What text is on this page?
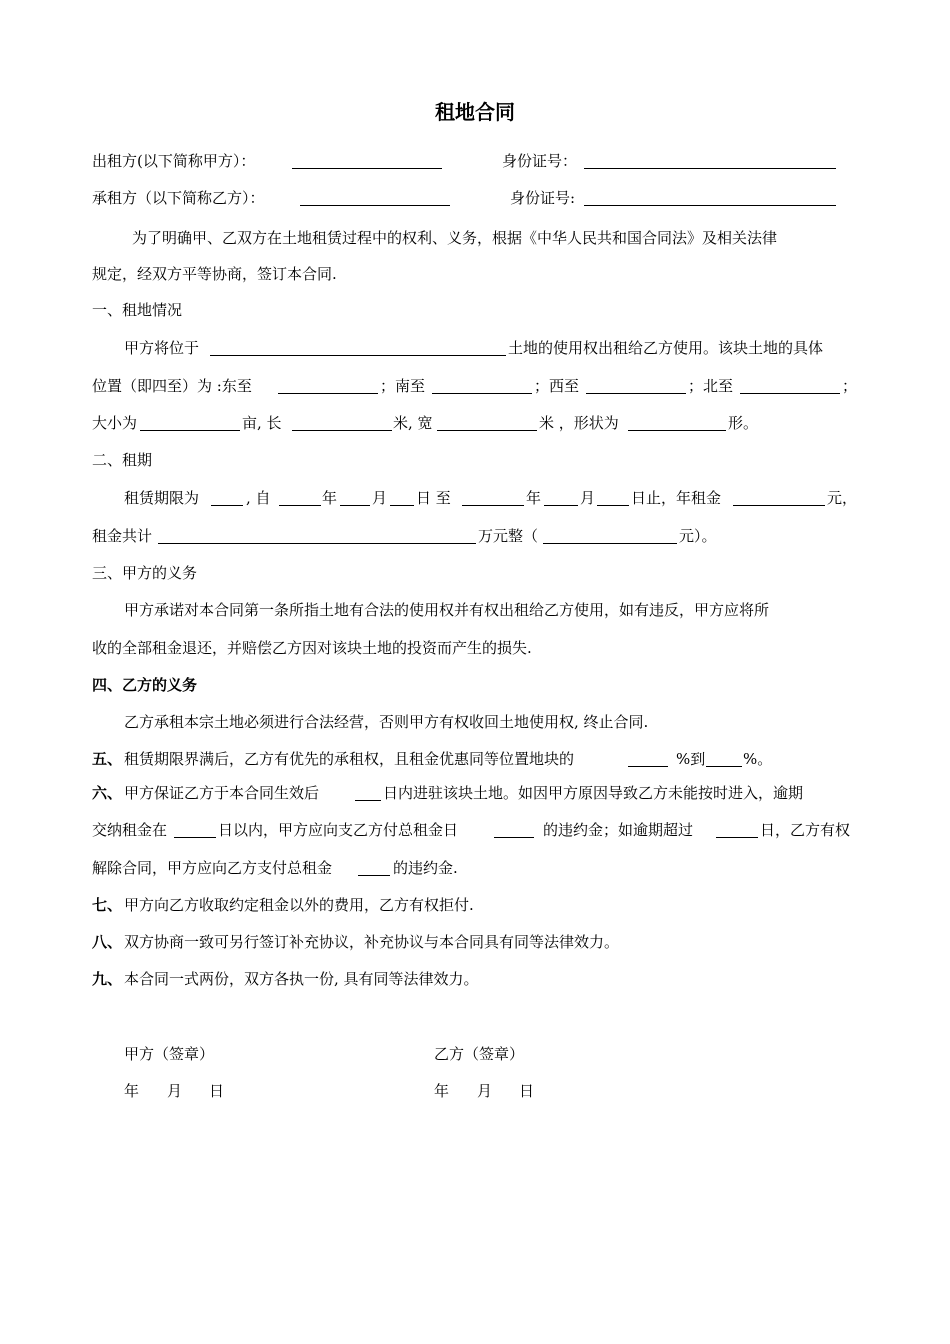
租地合同
出租方(以下简称甲方）：	身份证号：
承租方（以下简称乙方）：	身份证号:
为了明确甲、乙双方在土地租赁过程中的权利、义务，根据《中华人民共和国合同法》及相关法律
规定，经双方平等协商，签订本合同.
一、租地情况
甲方将位于	土地的使用权出租给乙方使用。该块土地的具体
位置（即四至）为 :东至	；南至	；西至	；北至	；
大小为	亩, 长	米, 宽	米 ，形状为	形。
二、租期
租赁期限为	, 自	年 月 日 至	年	月 日止，年租金	元，
租金共计	万元整（	元）。
三、甲方的义务
甲方承诺对本合同第一条所指土地有合法的使用权并有权出租给乙方使用，如有违反，甲方应将所
收的全部租金退还，并赔偿乙方因对该块土地的投资而产生的损失.
四、乙方的义务
乙方承租本宗土地必须进行合法经营，否则甲方有权收回土地使用权, 终止合同.
五、 租赁期限界满后，乙方有优先的承租权，且租金优惠同等位置地块的	%到	%。
六、 甲方保证乙方于本合同生效后	日内进驻该块土地。如因甲方原因导致乙方未能按时进入，逾期
交纳租金在	日以内，甲方应向支乙方付总租金日	的违约金；如逾期超过	日，乙方有权
解除合同，甲方应向乙方支付总租金	的违约金.
七、 甲方向乙方收取约定租金以外的费用，乙方有权拒付.
八、 双方协商一致可另行签订补充协议，补充协议与本合同具有同等法律效力。
九、 本合同一式两份，双方各执一份, 具有同等法律效力。
甲方（签章）	乙方（签章）
年 月 日	年 月 日
